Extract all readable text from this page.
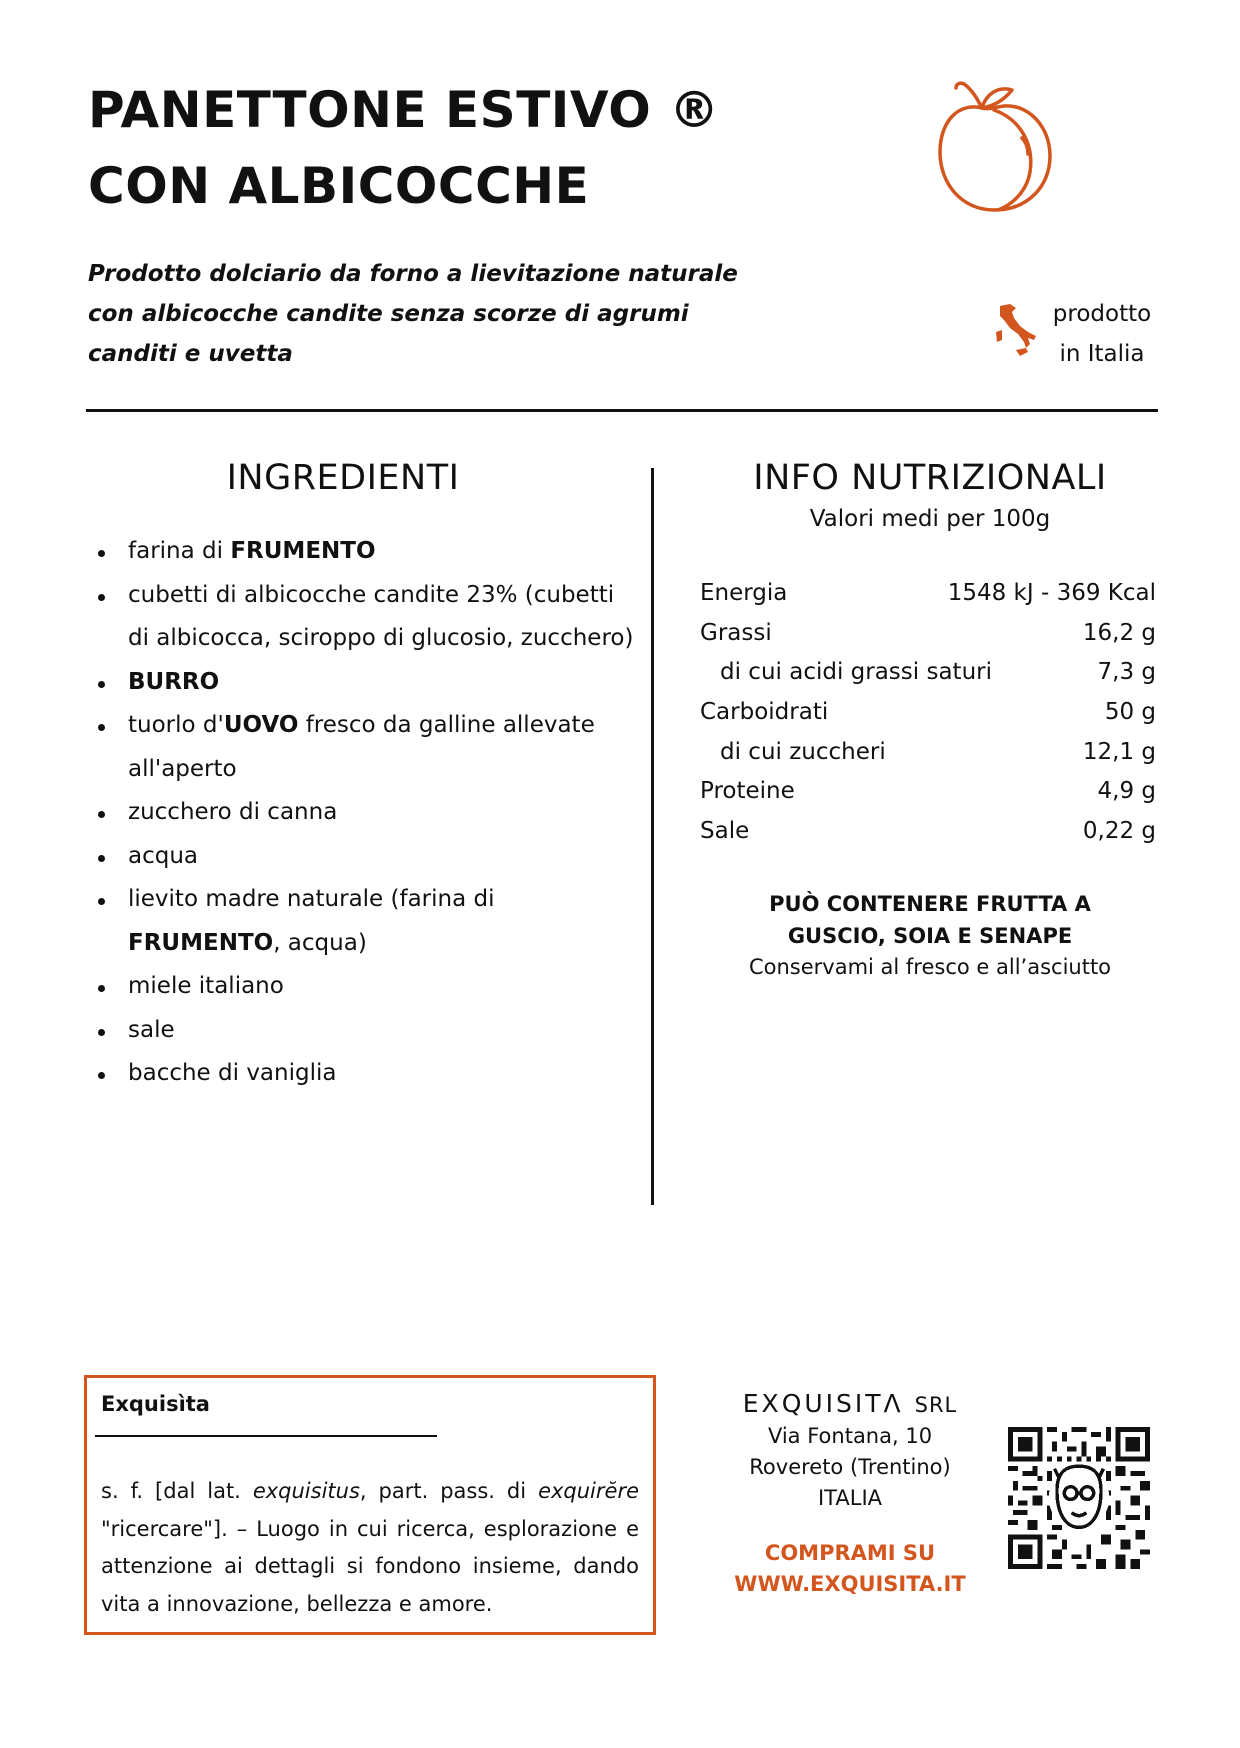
PANETTONE ESTIVO ®
CON ALBICOCCHE
Prodotto dolciario da forno a lievitazione naturale
con albicocche candite senza scorze di agrumi
canditi e uvetta
prodotto
in Italia
INGREDIENTI
farina di FRUMENTO
cubetti di albicocche candite 23% (cubetti di albicocca, sciroppo di glucosio, zucchero)
BURRO
tuorlo d'UOVO fresco da galline allevate all'aperto
zucchero di canna
acqua
lievito madre naturale (farina di FRUMENTO, acqua)
miele italiano
sale
bacche di vaniglia
INFO NUTRIZIONALI
Valori medi per 100g
Energia	1548 kJ - 369 Kcal
Grassi	16,2 g
di cui acidi grassi saturi	7,3 g
Carboidrati	50 g
di cui zuccheri	12,1 g
Proteine	4,9 g
Sale	0,22 g
PUÒ CONTENERE FRUTTA A
GUSCIO, SOIA E SENAPE
Conservami al fresco e all’asciutto
Exquisìta
s. f. [dal lat. exquisitus, part. pass. di exquirĕre "ricercare"]. – Luogo in cui ricerca, esplorazione e attenzione ai dettagli si fondono insieme, dando vita a innovazione, bellezza e amore.
EXQUISITΛ SRL
Via Fontana, 10
Rovereto (Trentino)
ITALIA
COMPRAMI SU
WWW.EXQUISITA.IT
